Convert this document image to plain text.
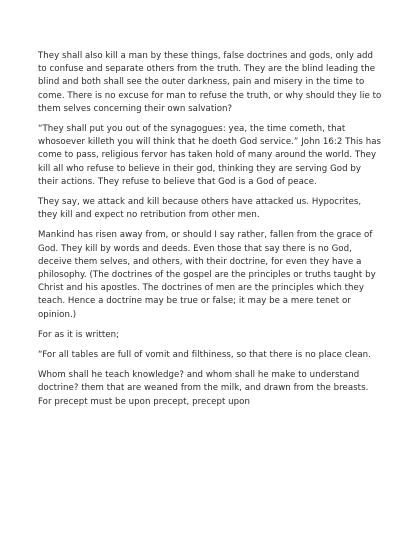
They shall also kill a man by these things, false doctrines and gods, only add to confuse and separate others from the truth. They are the blind leading the blind and both shall see the outer darkness, pain and misery in the time to come. There is no excuse for man to refuse the truth, or why should they lie to them selves concerning their own salvation?

“They shall put you out of the synagogues: yea, the time cometh, that whosoever killeth you will think that he doeth God service.” John 16:2 This has come to pass, religious fervor has taken hold of many around the world. They kill all who refuse to believe in their god, thinking they are serving God by their actions. They refuse to believe that God is a God of peace.

They say, we attack and kill because others have attacked us. Hypocrites, they kill and expect no retribution from other men.

Mankind has risen away from, or should I say rather, fallen from the grace of God. They kill by words and deeds. Even those that say there is no God, deceive them selves, and others, with their doctrine, for even they have a philosophy. (The doctrines of the gospel are the principles or truths taught by Christ and his apostles. The doctrines of men are the principles which they teach. Hence a doctrine may be true or false; it may be a mere tenet or opinion.)

For as it is written;

“For all tables are full of vomit and filthiness, so that there is no place clean.

Whom shall he teach knowledge? and whom shall he make to understand doctrine? them that are weaned from the milk, and drawn from the breasts. For precept must be upon precept, precept upon
